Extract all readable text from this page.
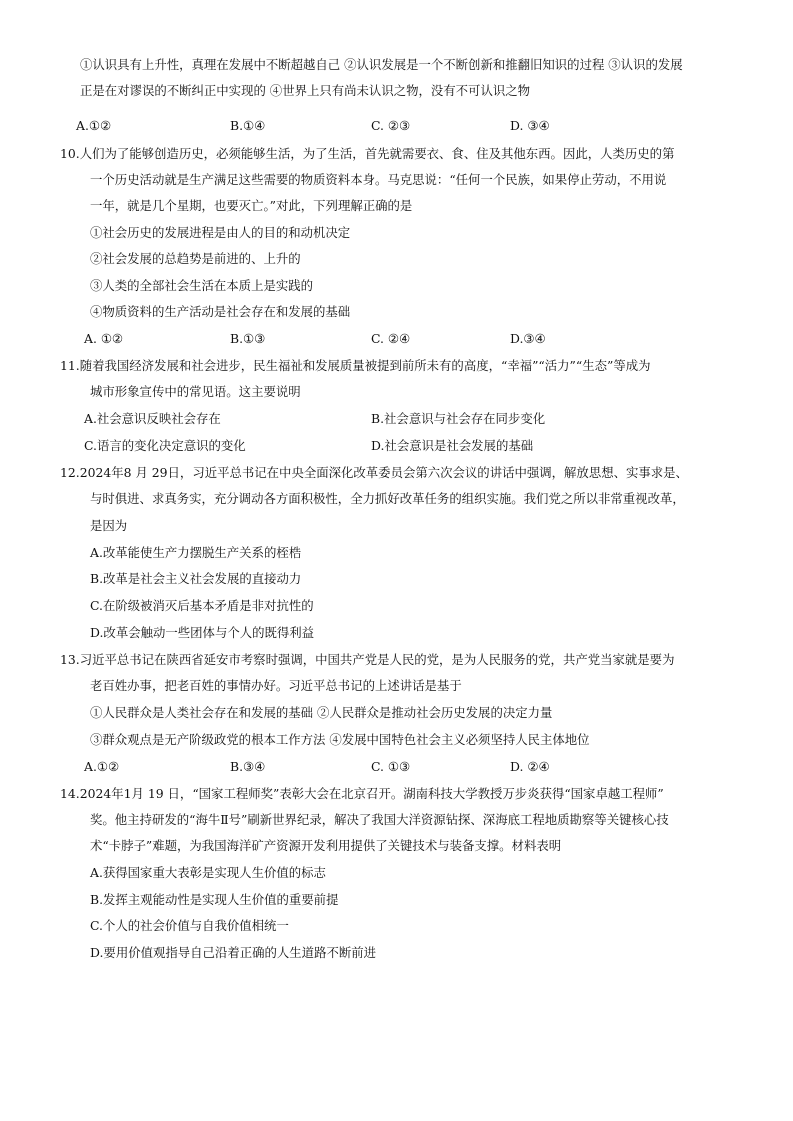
①认识具有上升性，真理在发展中不断超越自己 ②认识发展是一个不断创新和推翻旧知识的过程 ③认识的发展
正是在对谬误的不断纠正中实现的 ④世界上只有尚未认识之物，没有不可认识之物
A.①②	B.①④	C. ②③	D. ③④
10.人们为了能够创造历史，必须能够生活，为了生活，首先就需要衣、食、住及其他东西。因此，人类历史的第
一个历史活动就是生产满足这些需要的物质资料本身。马克思说：“任何一个民族，如果停止劳动，不用说
一年，就是几个星期，也要灭亡。”对此，下列理解正确的是
①社会历史的发展进程是由人的目的和动机决定
②社会发展的总趋势是前进的、上升的
③人类的全部社会生活在本质上是实践的
④物质资料的生产活动是社会存在和发展的基础
A. ①②	B.①③	C. ②④	D.③④
11.随着我国经济发展和社会进步，民生福祉和发展质量被提到前所未有的高度，“幸福”“活力”“生态”等成为
城市形象宣传中的常见语。这主要说明
A.社会意识反映社会存在	B.社会意识与社会存在同步变化
C.语言的变化决定意识的变化	D.社会意识是社会发展的基础
12.2024年8 月 29日，习近平总书记在中央全面深化改革委员会第六次会议的讲话中强调，解放思想、实事求是、
与时俱进、求真务实，充分调动各方面积极性，全力抓好改革任务的组织实施。我们党之所以非常重视改革，
是因为
A.改革能使生产力摆脱生产关系的桎梏
B.改革是社会主义社会发展的直接动力
C.在阶级被消灭后基本矛盾是非对抗性的
D.改革会触动一些团体与个人的既得利益
13.习近平总书记在陕西省延安市考察时强调，中国共产党是人民的党，是为人民服务的党，共产党当家就是要为
老百姓办事，把老百姓的事情办好。习近平总书记的上述讲话是基于
①人民群众是人类社会存在和发展的基础 ②人民群众是推动社会历史发展的决定力量
③群众观点是无产阶级政党的根本工作方法 ④发展中国特色社会主义必须坚持人民主体地位
A.①②	B.③④	C. ①③	D. ②④
14.2024年1月 19 日，“国家工程师奖”表彰大会在北京召开。湖南科技大学教授万步炎获得“国家卓越工程师”
奖。他主持研发的“海牛Ⅱ号”刷新世界纪录，解决了我国大洋资源钻探、深海底工程地质勘察等关键核心技
术“卡脖子”难题，为我国海洋矿产资源开发利用提供了关键技术与装备支撑。材料表明
A.获得国家重大表彰是实现人生价值的标志
B.发挥主观能动性是实现人生价值的重要前提
C.个人的社会价值与自我价值相统一
D.要用价值观指导自己沿着正确的人生道路不断前进
